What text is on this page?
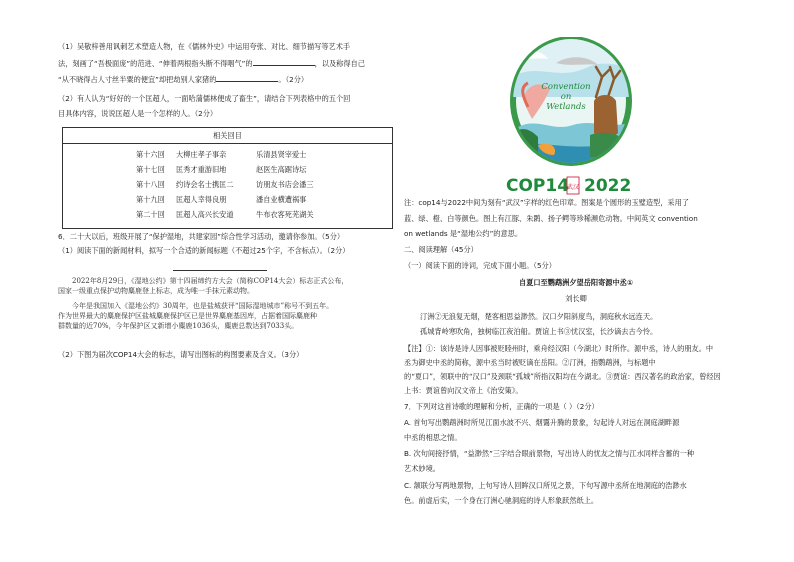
（1）吴敬梓善用讽刺艺术塑造人物，在《儒林外史》中运用夸张、对比、细节描写等艺术手

法，刻画了“吾极面庞”的范进、“伸着两根指头断不得咽气”的	，以及称得自己

“从不晓得占人寸丝半粟的便宜”却把劫别人家猪的	。（2分）

（2）有人认为“好好的一个匡超人，一面哈蒲儒林便成了畜生”，请结合下列表格中的五个回

目具体内容，说说匡超人是一个怎样的人。（2分）

相关回目
第十六回 大柳庄孝子事亲	乐清县贤宰爱士
第十七回 匡秀才重游旧地	赵医生高踞诗坛
第十八回 约诗会名士携匡二	访朋友书店会潘三
第十九回 匡超人幸得良朋	潘自业横遭祸事
第二十回 匡超人高兴长安道	牛布衣客死芜湖关

6．二十大以后，班级开展了“保护湿地，共建家园”综合性学习活动，邀请你参加。（5分）

（1）阅读下面的新闻材料，拟写一个合适的新闻标题（不超过25个字，不含标点）。（2分）

2022年8月29日，《湿地公约》第十四届缔约方大会（简称COP14大会）标志正式公布，

国家一级重点保护动物麋鹿登上标志，成为唯一手抹元素动物。

今年是我国加入《湿地公约》30周年，也是盐城获评“国际湿地城市”称号不到五年。

作为世界最大的麋鹿保护区盐城麋鹿保护区已是世界麋鹿基因库，占据着国际麋鹿种

群数量的近70%，今年保护区又新增小麋鹿1036头，麋鹿总数达到7033头。

（2）下图为届次COP14大会的标志，请写出图标的构图要素及含义。（3分）

Convention
on
Wetlands
COP14
武汉 2022

注：cop14与2022中间为刻有“武汉”字样的红色印章。图案是个圆形的玉璧造型，采用了

蓝、绿、橙、白等颜色。图上有江豚、朱鹮、扬子鳄等珍稀濒危动物。中间英文 convention

on wetlands 是“湿地公约”的意思。

二、阅读理解（45分）

（一）阅读下面的诗词，完成下面小题。（5分）

自夏口至鹦鹉洲夕望岳阳寄源中丞①

刘长卿

汀洲②无浪复无烟，楚客相思益渺然。汉口夕阳斜度鸟，洞庭秋水远连天。

孤城背岭寒吹角，独树临江夜泊船。贾谊上书③忧汉室，长沙谪去古今怜。

【注】①：该诗是诗人因事被贬睦州时，乘舟经汉阳（今湖北）时所作。源中丞，诗人的朋友。中

丞为御史中丞的简称，源中丞当时被贬谪在岳阳。②汀洲，指鹦鹉洲，与标题中

的“夏口”，领联中的“汉口”及颈联“孤城”所指汉阳均在今湖北。③贾谊：西汉著名的政治家，曾经因

上书：贾谊曾向汉文帝上《治安策》。

7．下列对这首诗歌的理解和分析，正确的一项是（ ）（2分）

A. 首句写出鹦鹉洲时所见江面水波不兴、烟霭升腾的景象，勾起诗人对远在洞庭湖畔源

中丞的相思之情。

B. 次句间接抒情，“益渺然”三字结合眼前景物，写出诗人的忧友之情与江水同样含蓄的一种

艺术妙境。

C. 颔联分写两地景物，上句写诗人回眸汉口所见之景，下句写源中丞所在地洞庭的浩渺水

色。前虚后实，一个身在汀洲心驰洞庭的诗人形象跃然纸上。
